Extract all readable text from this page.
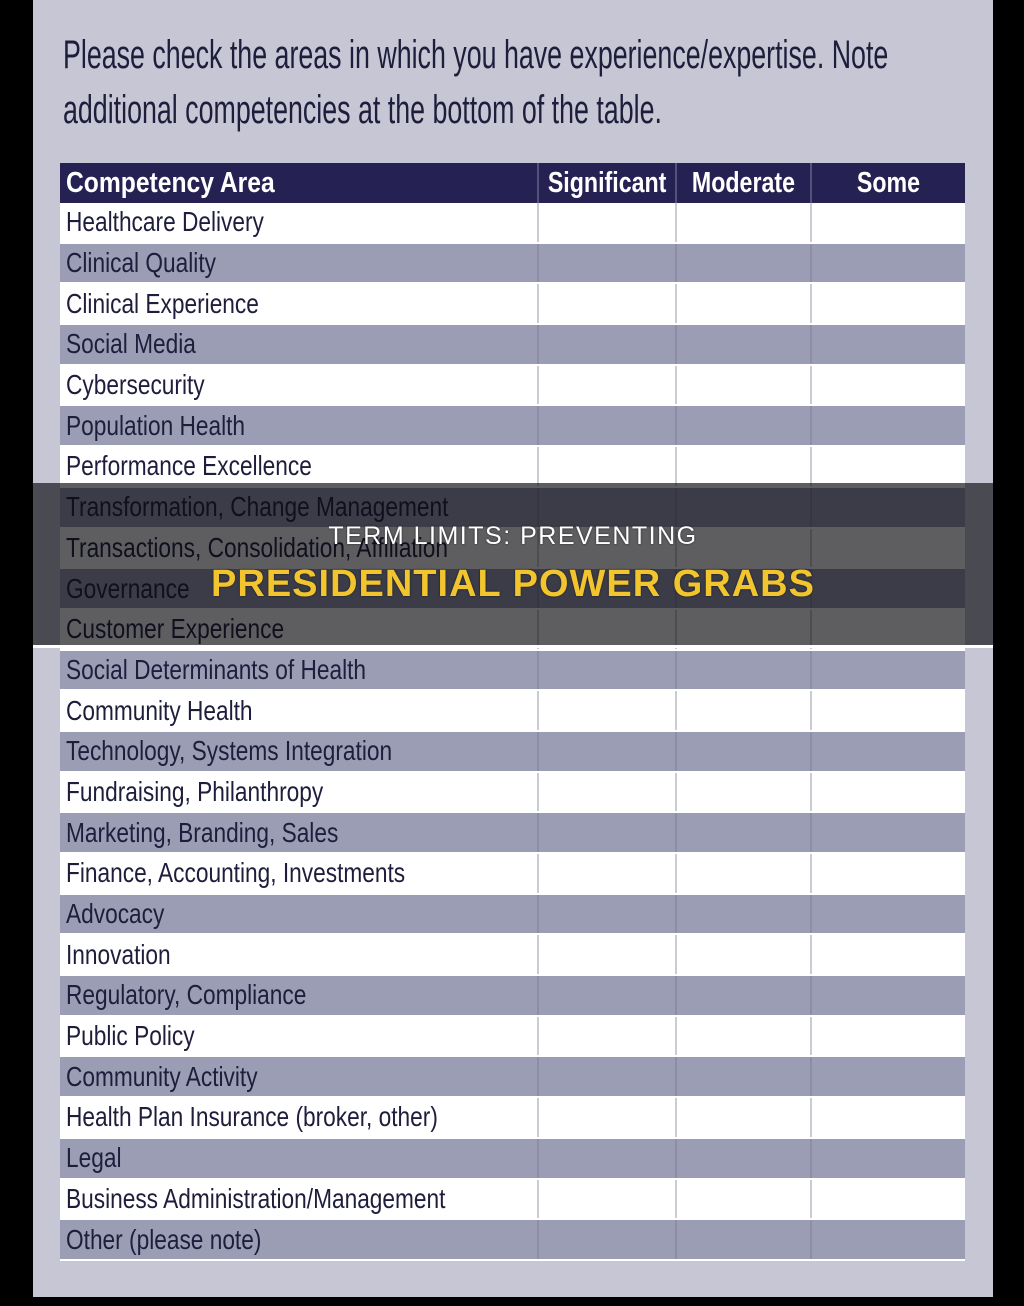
Please check the areas in which you have experience/expertise. Note
additional competencies at the bottom of the table.
Competency Area	Significant Moderate Some
Healthcare Delivery
Clinical Quality
Clinical Experience
Social Media
Cybersecurity
Population Health
Performance Excellence
Social Determinants of Health
Community Health
Technology, Systems Integration
Fundraising, Philanthropy
Marketing, Branding, Sales
Finance, Accounting, Investments
Advocacy
Innovation
Regulatory, Compliance
Public Policy
Community Activity
Health Plan Insurance (broker, other)
Legal
Business Administration/Management
Other (please note)
TERM LIMITS: PREVENTING
PRESIDENTIAL POWER GRABS
